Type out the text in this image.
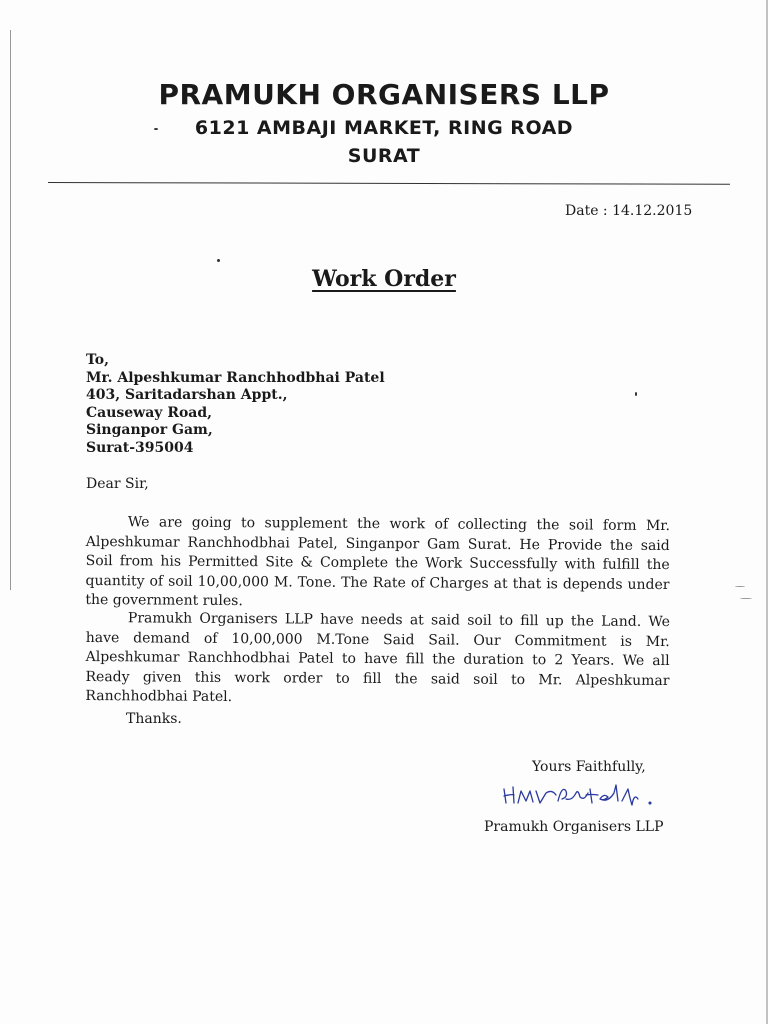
PRAMUKH ORGANISERS LLP
6121 AMBAJI MARKET, RING ROAD
SURAT
Date : 14.12.2015
Work Order
To,
Mr. Alpeshkumar Ranchhodbhai Patel
403, Saritadarshan Appt.,
Causeway Road,
Singanpor Gam,
Surat-395004
Dear Sir,
We are going to supplement the work of collecting the soil form Mr. Alpeshkumar Ranchhodbhai Patel, Singanpor Gam Surat. He Provide the said Soil from his Permitted Site & Complete the Work Successfully with fulfill the quantity of soil 10,00,000 M. Tone. The Rate of Charges at that is depends under the government rules.
Pramukh Organisers LLP have needs at said soil to fill up the Land. We have demand of 10,00,000 M.Tone Said Sail. Our Commitment is Mr. Alpeshkumar Ranchhodbhai Patel to have fill the duration to 2 Years. We all Ready given this work order to fill the said soil to Mr. Alpeshkumar Ranchhodbhai Patel.
Thanks.
Yours Faithfully,
Pramukh Organisers LLP
